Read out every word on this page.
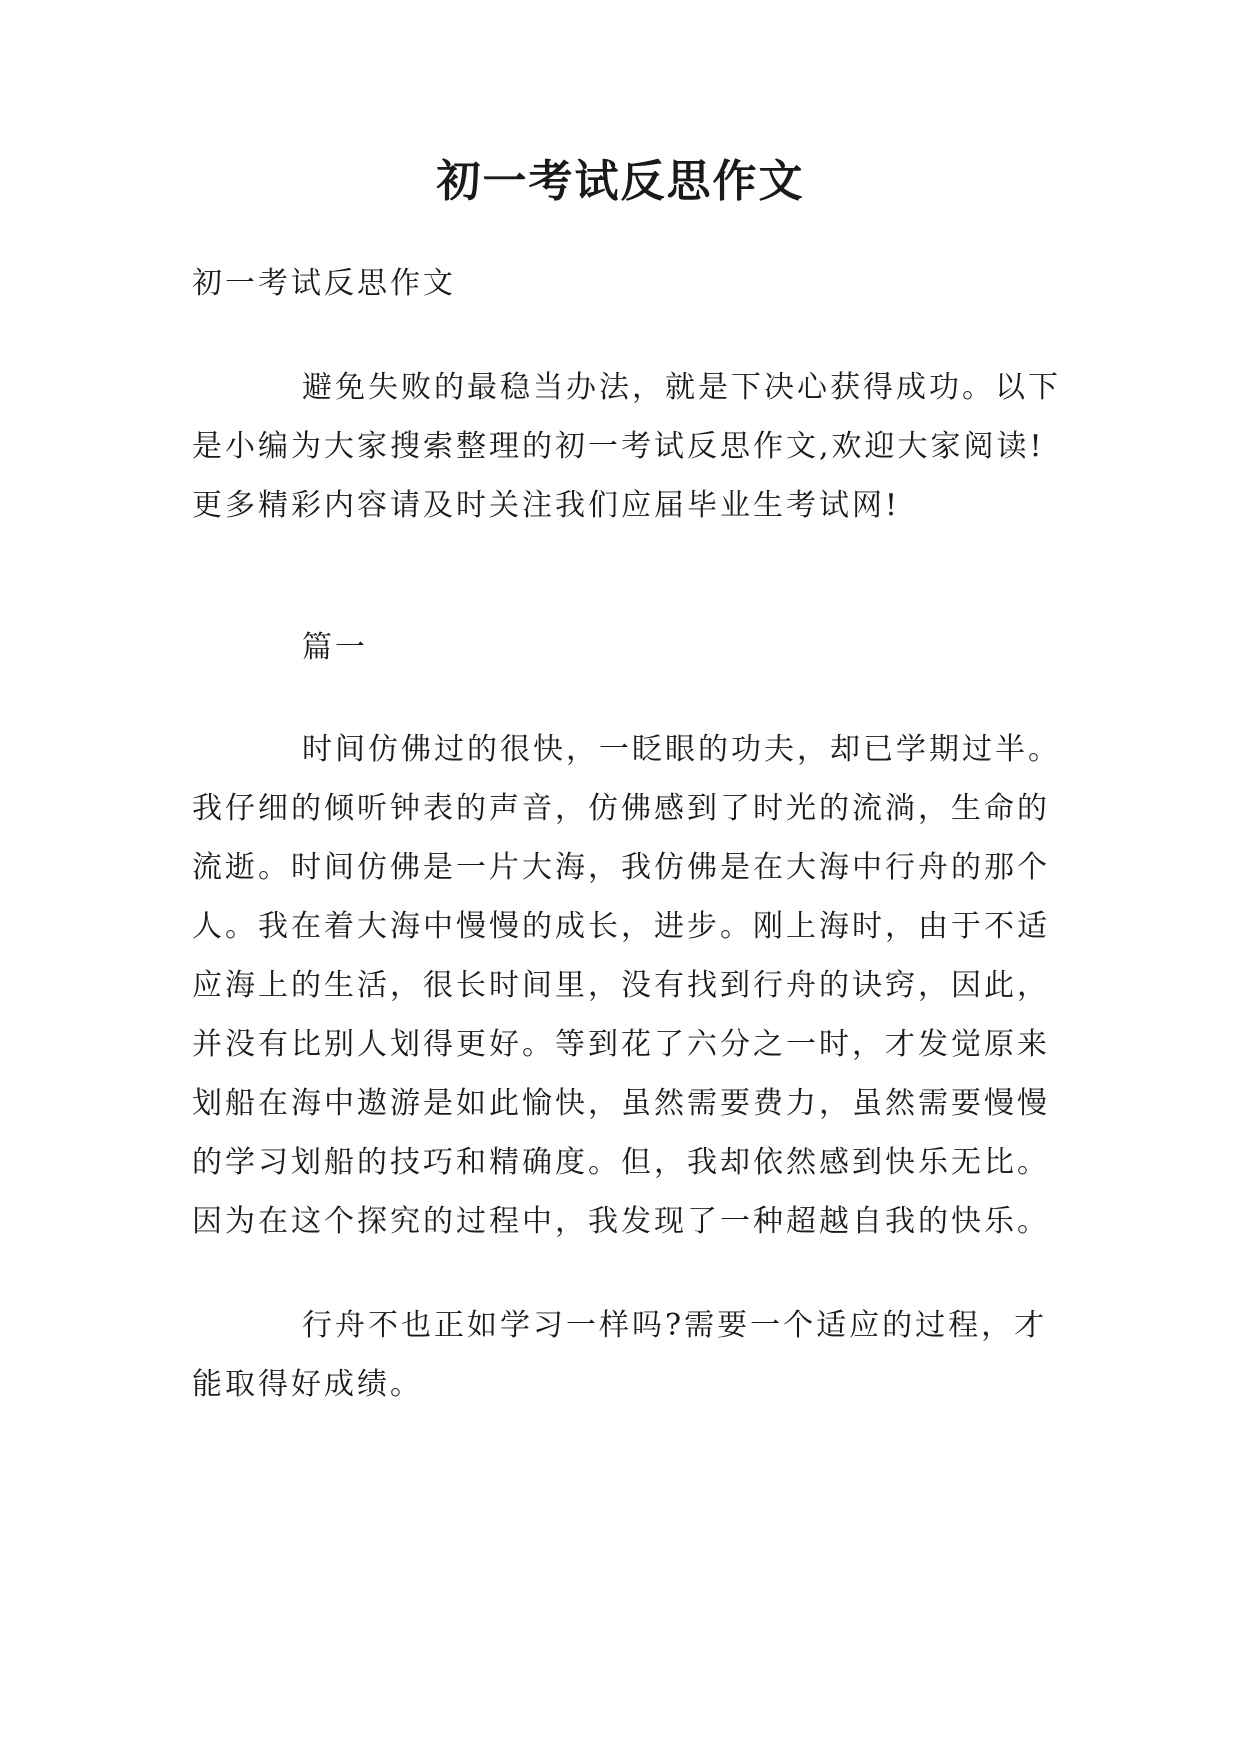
初一考试反思作文
初一考试反思作文
避免失败的最稳当办法，就是下决心获得成功。以下
是小编为大家搜索整理的初一考试反思作文,欢迎大家阅读!
更多精彩内容请及时关注我们应届毕业生考试网!
篇一
时间仿佛过的很快，一眨眼的功夫，却已学期过半。
我仔细的倾听钟表的声音，仿佛感到了时光的流淌，生命的
流逝。时间仿佛是一片大海，我仿佛是在大海中行舟的那个
人。我在着大海中慢慢的成长，进步。刚上海时，由于不适
应海上的生活，很长时间里，没有找到行舟的诀窍，因此，
并没有比别人划得更好。等到花了六分之一时，才发觉原来
划船在海中遨游是如此愉快，虽然需要费力，虽然需要慢慢
的学习划船的技巧和精确度。但，我却依然感到快乐无比。
因为在这个探究的过程中，我发现了一种超越自我的快乐。
行舟不也正如学习一样吗?需要一个适应的过程，才
能取得好成绩。
